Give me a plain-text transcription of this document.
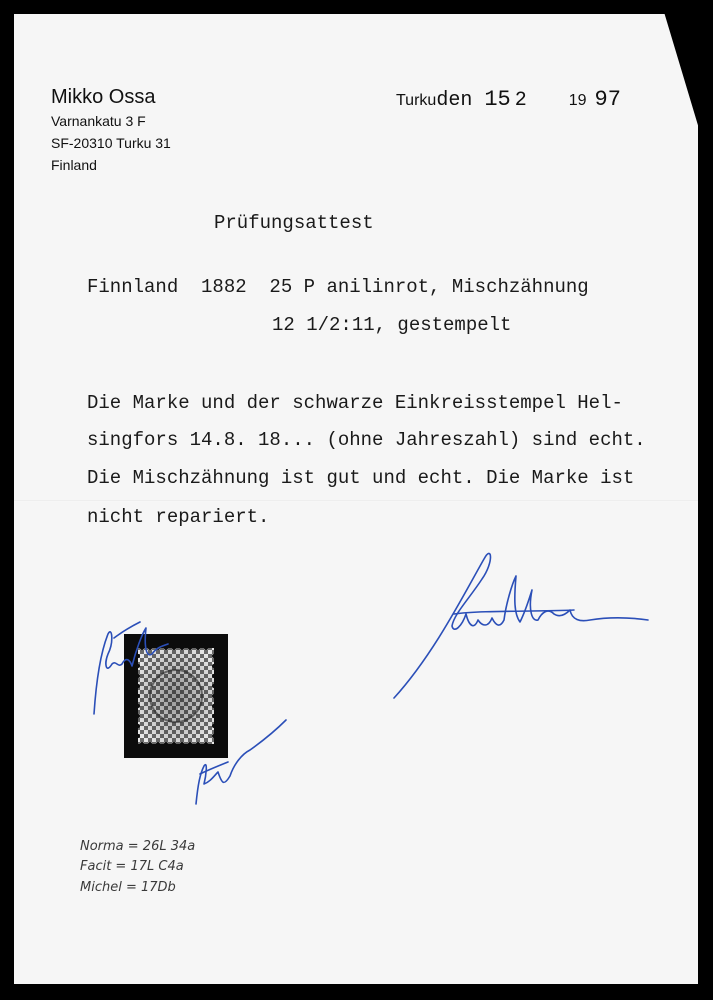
Mikko Ossa
Varnankatu 3 F
SF-20310 Turku 31
Finland
Turku den 15 2	19 97
Prüfungsattest
Finnland  1882  25 P anilinrot, Mischzähnung
12 1/2:11, gestempelt
Die Marke und der schwarze Einkreisstempel Hel-
singfors 14.8. 18... (ohne Jahreszahl) sind echt.
Die Mischzähnung ist gut und echt. Die Marke ist
nicht repariert.
Norma = 26L 34a
Facit = 17L C4a
Michel = 17Db
